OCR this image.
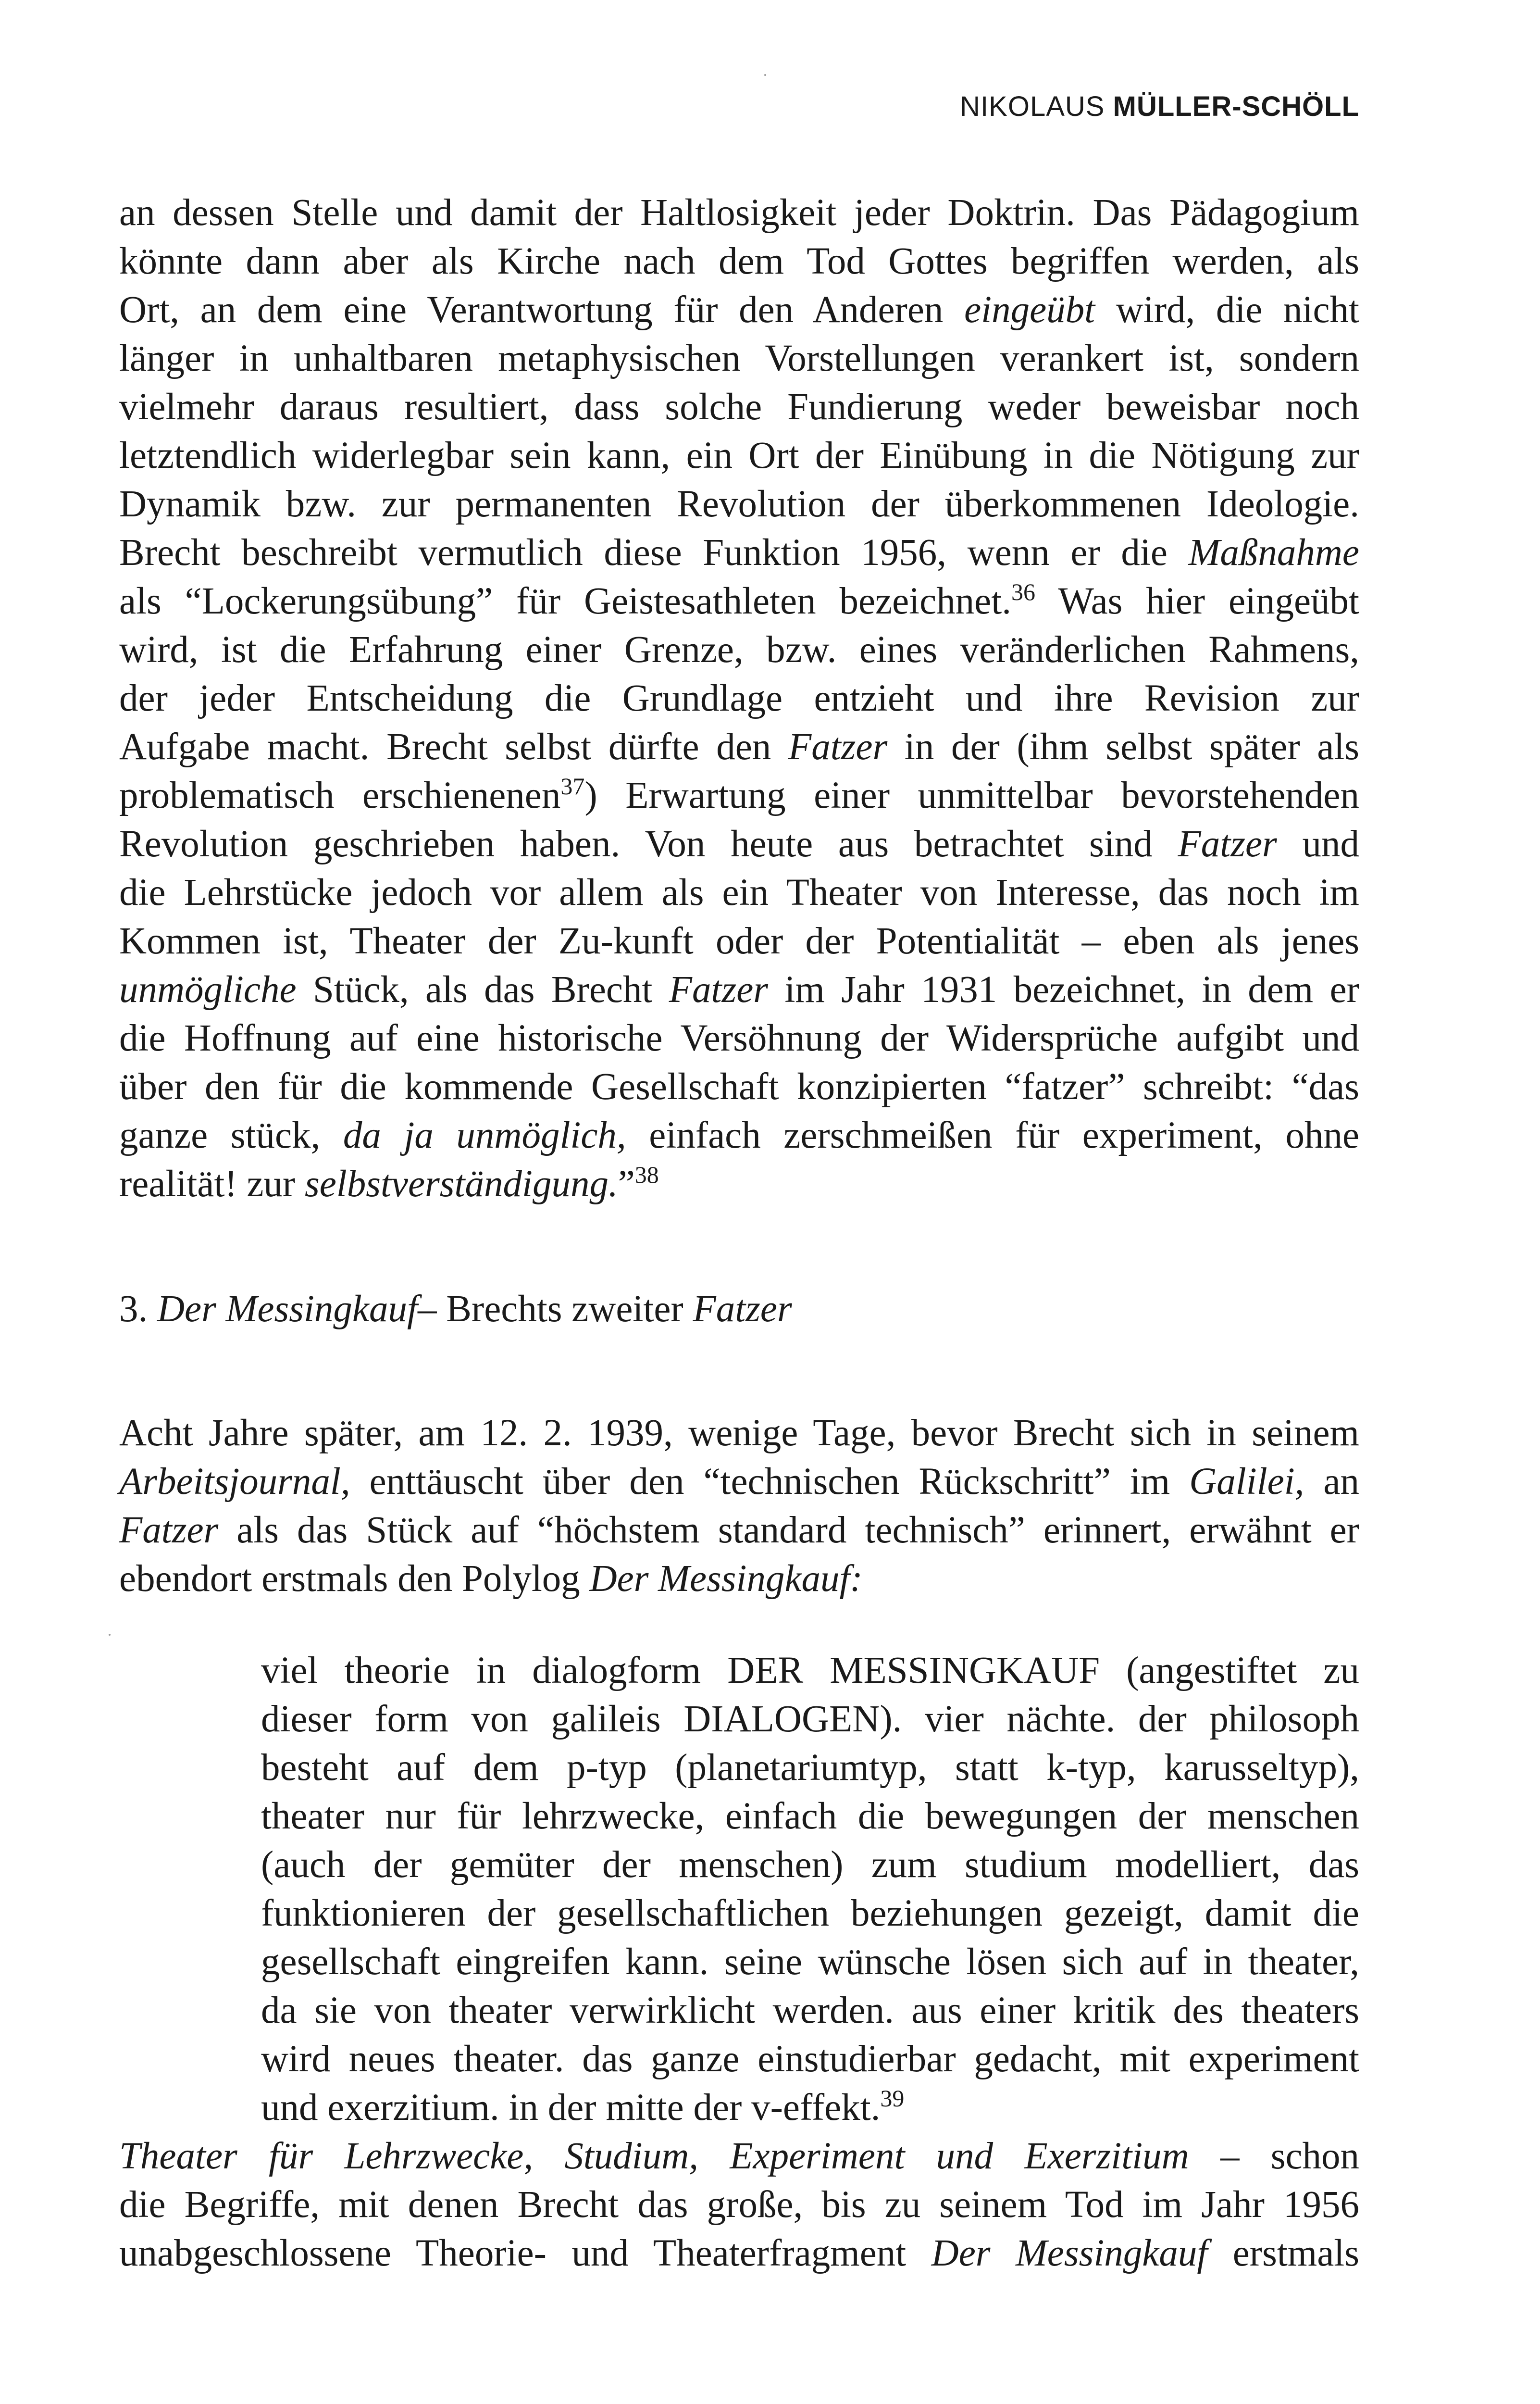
NIKOLAUS MÜLLER-SCHÖLL
an dessen Stelle und damit der Haltlosigkeit jeder Doktrin. Das Pädagogium
könnte dann aber als Kirche nach dem Tod Gottes begriffen werden, als
Ort, an dem eine Verantwortung für den Anderen eingeübt wird, die nicht
länger in unhaltbaren metaphysischen Vorstellungen verankert ist, sondern
vielmehr daraus resultiert, dass solche Fundierung weder beweisbar noch
letztendlich widerlegbar sein kann, ein Ort der Einübung in die Nötigung zur
Dynamik bzw. zur permanenten Revolution der überkommenen Ideologie.
Brecht beschreibt vermutlich diese Funktion 1956, wenn er die Maßnahme
als “Lockerungsübung” für Geistesathleten bezeichnet.$^{36}$ Was hier eingeübt
wird, ist die Erfahrung einer Grenze, bzw. eines veränderlichen Rahmens,
der jeder Entscheidung die Grundlage entzieht und ihre Revision zur
Aufgabe macht. Brecht selbst dürfte den Fatzer in der (ihm selbst später als
problematisch erschienenen$^{37}$) Erwartung einer unmittelbar bevorstehenden
Revolution geschrieben haben. Von heute aus betrachtet sind Fatzer und
die Lehrstücke jedoch vor allem als ein Theater von Interesse, das noch im
Kommen ist, Theater der Zu-kunft oder der Potentialität – eben als jenes
unmögliche Stück, als das Brecht Fatzer im Jahr 1931 bezeichnet, in dem er
die Hoffnung auf eine historische Versöhnung der Widersprüche aufgibt und
über den für die kommende Gesellschaft konzipierten “fatzer” schreibt: “das
ganze stück, da ja unmöglich, einfach zerschmeißen für experiment, ohne
realität! zur selbstverständigung.”$^{38}$
3. Der Messingkauf– Brechts zweiter Fatzer
Acht Jahre später, am 12. 2. 1939, wenige Tage, bevor Brecht sich in seinem
Arbeitsjournal, enttäuscht über den “technischen Rückschritt” im Galilei, an
Fatzer als das Stück auf “höchstem standard technisch” erinnert, erwähnt er
ebendort erstmals den Polylog Der Messingkauf:
viel theorie in dialogform DER MESSINGKAUF (angestiftet zu
dieser form von galileis DIALOGEN). vier nächte. der philosoph
besteht auf dem p-typ (planetariumtyp, statt k-typ, karusseltyp),
theater nur für lehrzwecke, einfach die bewegungen der menschen
(auch der gemüter der menschen) zum studium modelliert, das
funktionieren der gesellschaftlichen beziehungen gezeigt, damit die
gesellschaft eingreifen kann. seine wünsche lösen sich auf in theater,
da sie von theater verwirklicht werden. aus einer kritik des theaters
wird neues theater. das ganze einstudierbar gedacht, mit experiment
und exerzitium. in der mitte der v-effekt.$^{39}$
Theater für Lehrzwecke, Studium, Experiment und Exerzitium – schon
die Begriffe, mit denen Brecht das große, bis zu seinem Tod im Jahr 1956
unabgeschlossene Theorie- und Theaterfragment Der Messingkauf erstmals
